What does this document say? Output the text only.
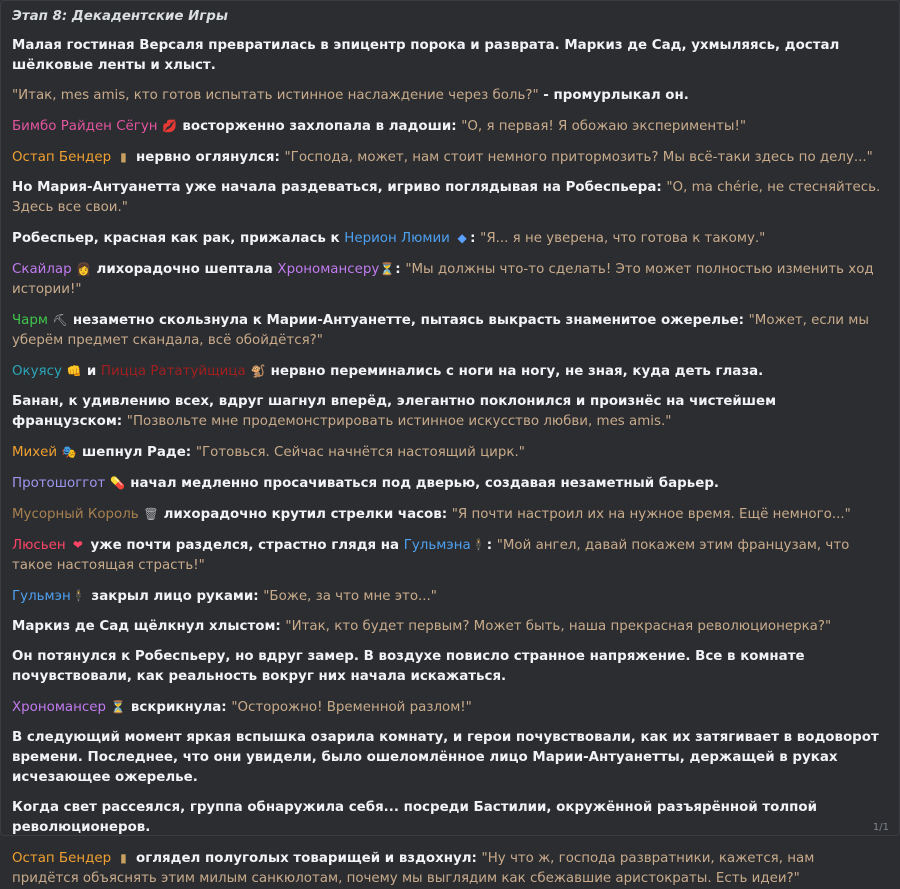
Этап 8: Декадентские Игры
Малая гостиная Версаля превратилась в эпицентр порока и разврата. Маркиз де Сад, ухмыляясь, достал шёлковые ленты и хлыст.
"Итак, mes amis, кто готов испытать истинное наслаждение через боль?" - промурлыкал он.
Бимбо Райден Сёгун 💋 восторженно захлопала в ладоши: "О, я первая! Я обожаю эксперименты!"
Остап Бендер ▮ нервно оглянулся: "Господа, может, нам стоит немного притормозить? Мы всё-таки здесь по делу..."
Но Мария-Антуанетта уже начала раздеваться, игриво поглядывая на Робеспьера: "О, ma chérie, не стесняйтесь. Здесь все свои."
Робеспьер, красная как рак, прижалась к Нерион Люмии ◆ : "Я... я не уверена, что готова к такому."
Скайлар 👩 лихорадочно шептала Хрономансеру⏳: "Мы должны что-то сделать! Это может полностью изменить ход истории!"
Чарм ⛏ незаметно скользнула к Марии-Антуанетте, пытаясь выкрасть знаменитое ожерелье: "Может, если мы уберём предмет скандала, всё обойдётся?"
Окуясу 👊 и Пицца Рататуйщица 🐒 нервно переминались с ноги на ногу, не зная, куда деть глаза.
Банан, к удивлению всех, вдруг шагнул вперёд, элегантно поклонился и произнёс на чистейшем французском: "Позвольте мне продемонстрировать истинное искусство любви, mes amis."
Михей 🎭 шепнул Раде: "Готовься. Сейчас начнётся настоящий цирк."
Протошоггот 💊 начал медленно просачиваться под дверью, создавая незаметный барьер.
Мусорный Король 🗑 лихорадочно крутил стрелки часов: "Я почти настроил их на нужное время. Ещё немного..."
Люсьен ❤ уже почти разделся, страстно глядя на Гульмэна🕴: "Мой ангел, давай покажем этим французам, что такое настоящая страсть!"
Гульмэн🕴 закрыл лицо руками: "Боже, за что мне это..."
Маркиз де Сад щёлкнул хлыстом: "Итак, кто будет первым? Может быть, наша прекрасная революционерка?"
Он потянулся к Робеспьеру, но вдруг замер. В воздухе повисло странное напряжение. Все в комнате почувствовали, как реальность вокруг них начала искажаться.
Хрономансер ⏳ вскрикнула: "Осторожно! Временной разлом!"
В следующий момент яркая вспышка озарила комнату, и герои почувствовали, как их затягивает в водоворот времени. Последнее, что они увидели, было ошеломлённое лицо Марии-Антуанетты, держащей в руках исчезающее ожерелье.
Когда свет рассеялся, группа обнаружила себя... посреди Бастилии, окружённой разъярённой толпой революционеров.
Остап Бендер ▮ оглядел полуголых товарищей и вздохнул: "Ну что ж, господа развратники, кажется, нам придётся объяснять этим милым санкюлотам, почему мы выглядим как сбежавшие аристократы. Есть идеи?"
1/1
